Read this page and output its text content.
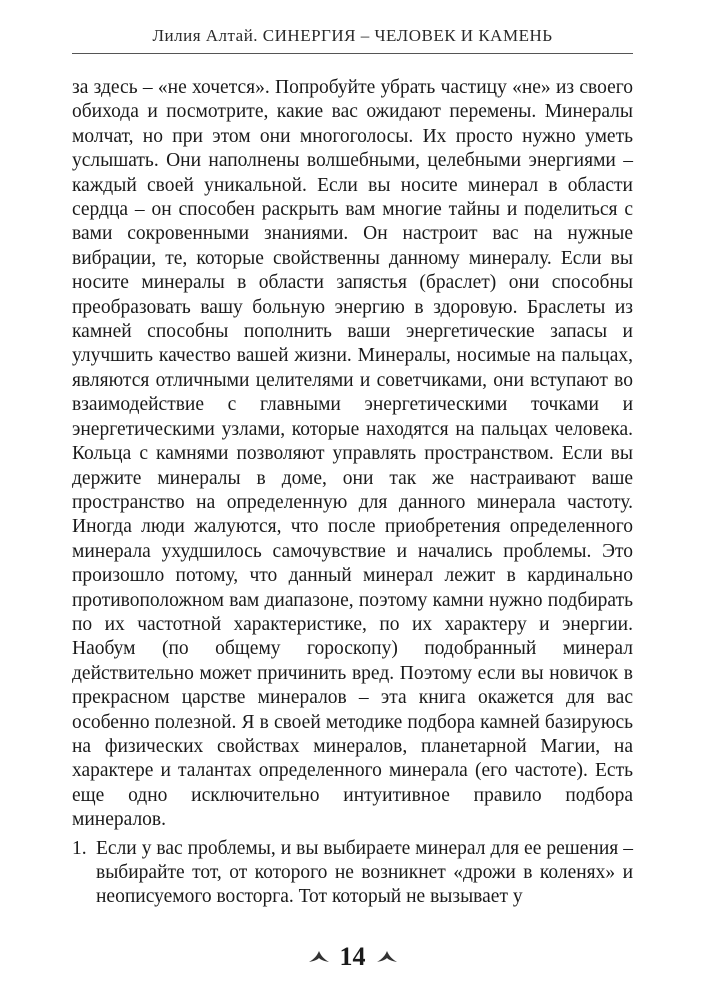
Лилия Алтай. СИНЕРГИЯ – ЧЕЛОВЕК И КАМЕНЬ

за здесь – «не хочется». Попробуйте убрать частицу «не» из своего обихода и посмотрите, какие вас ожидают перемены. Минералы молчат, но при этом они многоголосы. Их просто нужно уметь услышать. Они наполнены волшебными, целебными энергиями – каждый своей уникальной. Если вы носите минерал в области сердца – он способен раскрыть вам многие тайны и поделиться с вами сокровенными знаниями. Он настроит вас на нужные вибрации, те, которые свойственны данному минералу. Если вы носите минералы в области запястья (браслет) они способны преобразовать вашу больную энергию в здоровую. Браслеты из камней способны пополнить ваши энергетические запасы и улучшить качество вашей жизни. Минералы, носимые на пальцах, являются отличными целителями и советчиками, они вступают во взаимодействие с главными энергетическими точками и энергетическими узлами, которые находятся на пальцах человека. Кольца с камнями позволяют управлять пространством. Если вы держите минералы в доме, они так же настраивают ваше пространство на определенную для данного минерала частоту. Иногда люди жалуются, что после приобретения определенного минерала ухудшилось самочувствие и начались проблемы. Это произошло потому, что данный минерал лежит в кардинально противоположном вам диапазоне, поэтому камни нужно подбирать по их частотной характеристике, по их характеру и энергии. Наобум (по общему гороскопу) подобранный минерал действительно может причинить вред. Поэтому если вы новичок в прекрасном царстве минералов – эта книга окажется для вас особенно полезной. Я в своей методике подбора камней базируюсь на физических свойствах минералов, планетарной Магии, на характере и талантах определенного минерала (его частоте). Есть еще одно исключительно интуитивное правило подбора минералов.

1. Если у вас проблемы, и вы выбираете минерал для ее решения – выбирайте тот, от которого не возникнет «дрожи в коленях» и неописуемого восторга. Тот который не вызывает у
14
